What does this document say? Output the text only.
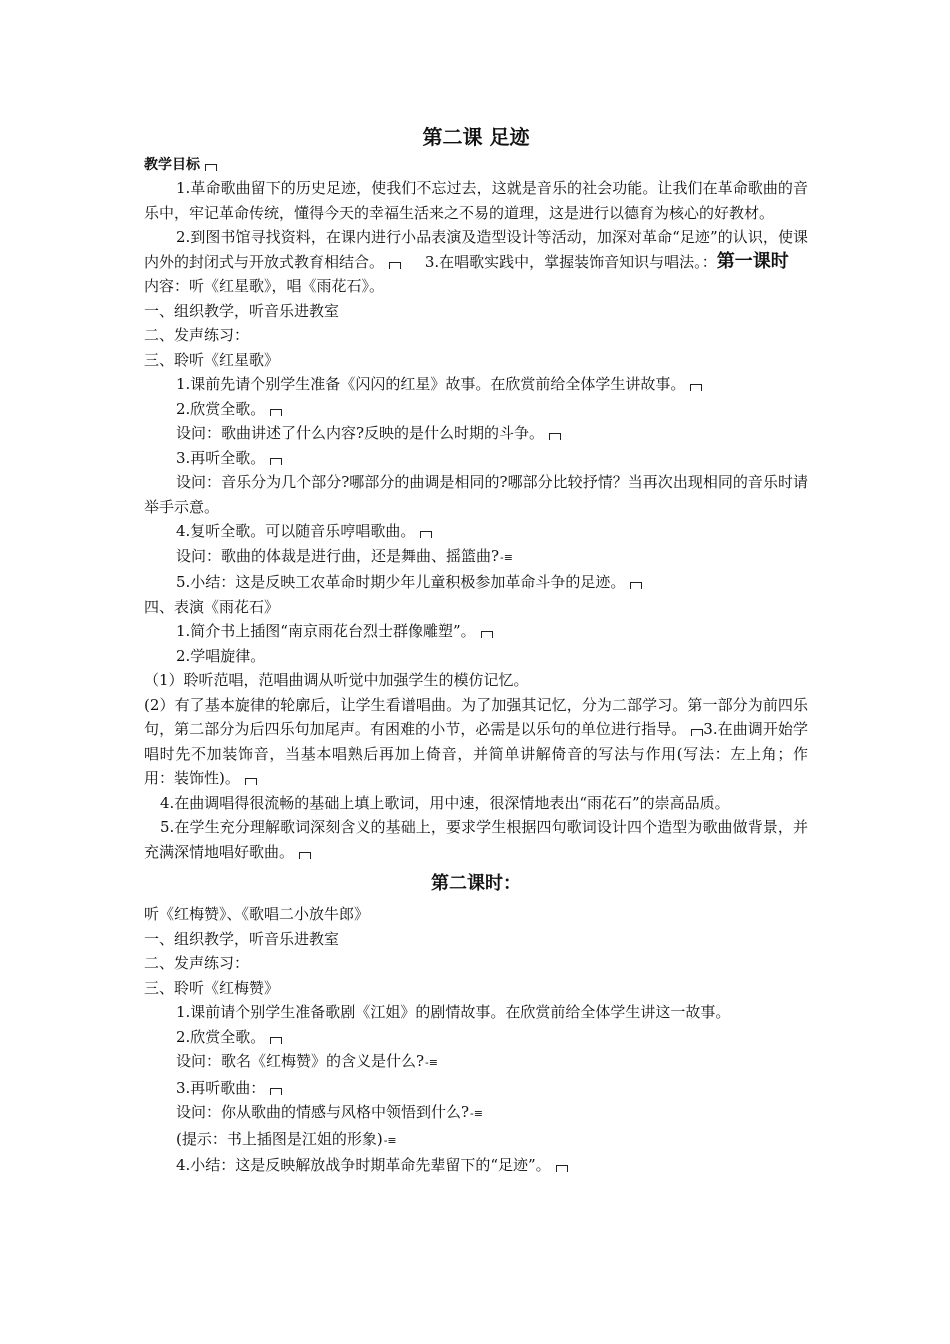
第二课 足迹
教学目标

1.革命歌曲留下的历史足迹，使我们不忘过去，这就是音乐的社会功能。让我们在革命歌曲的音乐中，牢记革命传统，懂得今天的幸福生活来之不易的道理，这是进行以德育为核心的好教材。

2.到图书馆寻找资料，在课内进行小品表演及造型设计等活动，加深对革命“足迹”的认识，使课内外的封闭式与开放式教育相结合。	3.在唱歌实践中，掌握装饰音知识与唱法。：第一课时

内容：听《红星歌》，唱《雨花石》。

一、组织教学，听音乐进教室

二、发声练习：

三、聆听《红星歌》

1.课前先请个别学生准备《闪闪的红星》故事。在欣赏前给全体学生讲故事。

2.欣赏全歌。

设问：歌曲讲述了什么内容?反映的是什么时期的斗争。

3.再听全歌。

设问：音乐分为几个部分?哪部分的曲调是相同的?哪部分比较抒情？当再次出现相同的音乐时请举手示意。

4.复听全歌。可以随音乐哼唱歌曲。

设问：歌曲的体裁是进行曲，还是舞曲、摇篮曲?-≡

5.小结：这是反映工农革命时期少年儿童积极参加革命斗争的足迹。

四、表演《雨花石》

1.简介书上插图“南京雨花台烈士群像雕塑”。

2.学唱旋律。

（1）聆听范唱，范唱曲调从听觉中加强学生的模仿记忆。

(2）有了基本旋律的轮廓后，让学生看谱唱曲。为了加强其记忆，分为二部学习。第一部分为前四乐句，第二部分为后四乐句加尾声。有困难的小节，必需是以乐句的单位进行指导。 3.在曲调开始学唱时先不加装饰音，当基本唱熟后再加上倚音，并简单讲解倚音的写法与作用(写法：左上角；作用：装饰性)。

4.在曲调唱得很流畅的基础上填上歌词，用中速，很深情地表出“雨花石”的崇高品质。

5.在学生充分理解歌词深刻含义的基础上，要求学生根据四句歌词设计四个造型为歌曲做背景，并充满深情地唱好歌曲。

第二课时：

听《红梅赞》、《歌唱二小放牛郎》

一、组织教学，听音乐进教室

二、发声练习：

三、聆听《红梅赞》

1.课前请个别学生准备歌剧《江姐》的剧情故事。在欣赏前给全体学生讲这一故事。

2.欣赏全歌。

设问：歌名《红梅赞》的含义是什么?-≡

3.再听歌曲：

设问：你从歌曲的情感与风格中领悟到什么?-≡

(提示：书上插图是江姐的形象)-≡

4.小结：这是反映解放战争时期革命先辈留下的“足迹”。
